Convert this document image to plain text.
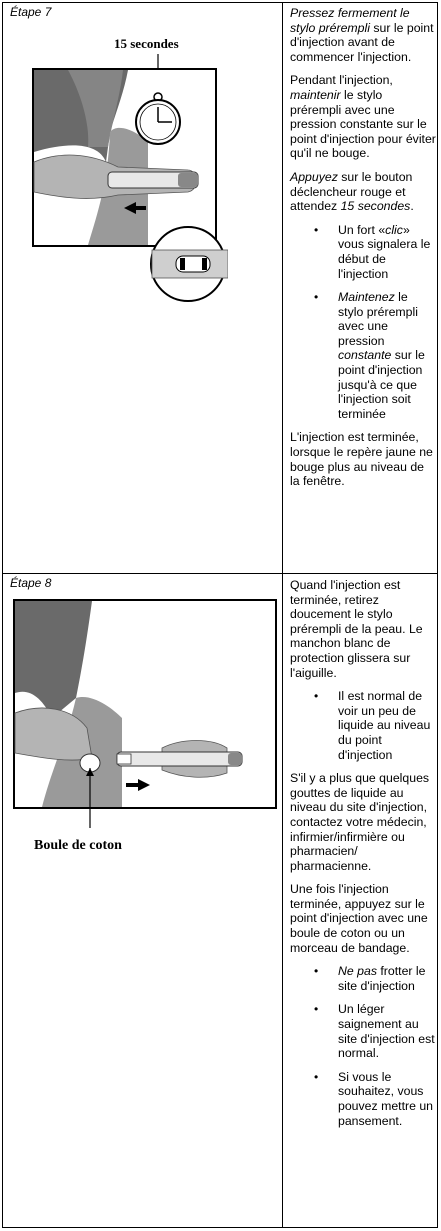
Étape 7
15 secondes

Pressez fermement le stylo prérempli sur le point d'injection avant de commencer l'injection.

Pendant l'injection, maintenir le stylo prérempli avec une pression constante sur le point d'injection pour éviter qu'il ne bouge.

Appuyez sur le bouton déclencheur rouge et attendez 15 secondes.

• Un fort «clic» vous signalera le début de l'injection
• Maintenez le stylo prérempli avec une pression constante sur le point d'injection jusqu'à ce que l'injection soit terminée

L'injection est terminée, lorsque le repère jaune ne bouge plus au niveau de la fenêtre.

Étape 8
Boule de coton

Quand l'injection est terminée, retirez doucement le stylo prérempli de la peau. Le manchon blanc de protection glissera sur l'aiguille.

• Il est normal de voir un peu de liquide au niveau du point d'injection

S'il y a plus que quelques gouttes de liquide au niveau du site d'injection, contactez votre médecin, infirmier/infirmière ou pharmacien/ pharmacienne.

Une fois l'injection terminée, appuyez sur le point d'injection avec une boule de coton ou un morceau de bandage.

• Ne pas frotter le site d'injection
• Un léger saignement au site d'injection est normal.
• Si vous le souhaitez, vous pouvez mettre un pansement.
